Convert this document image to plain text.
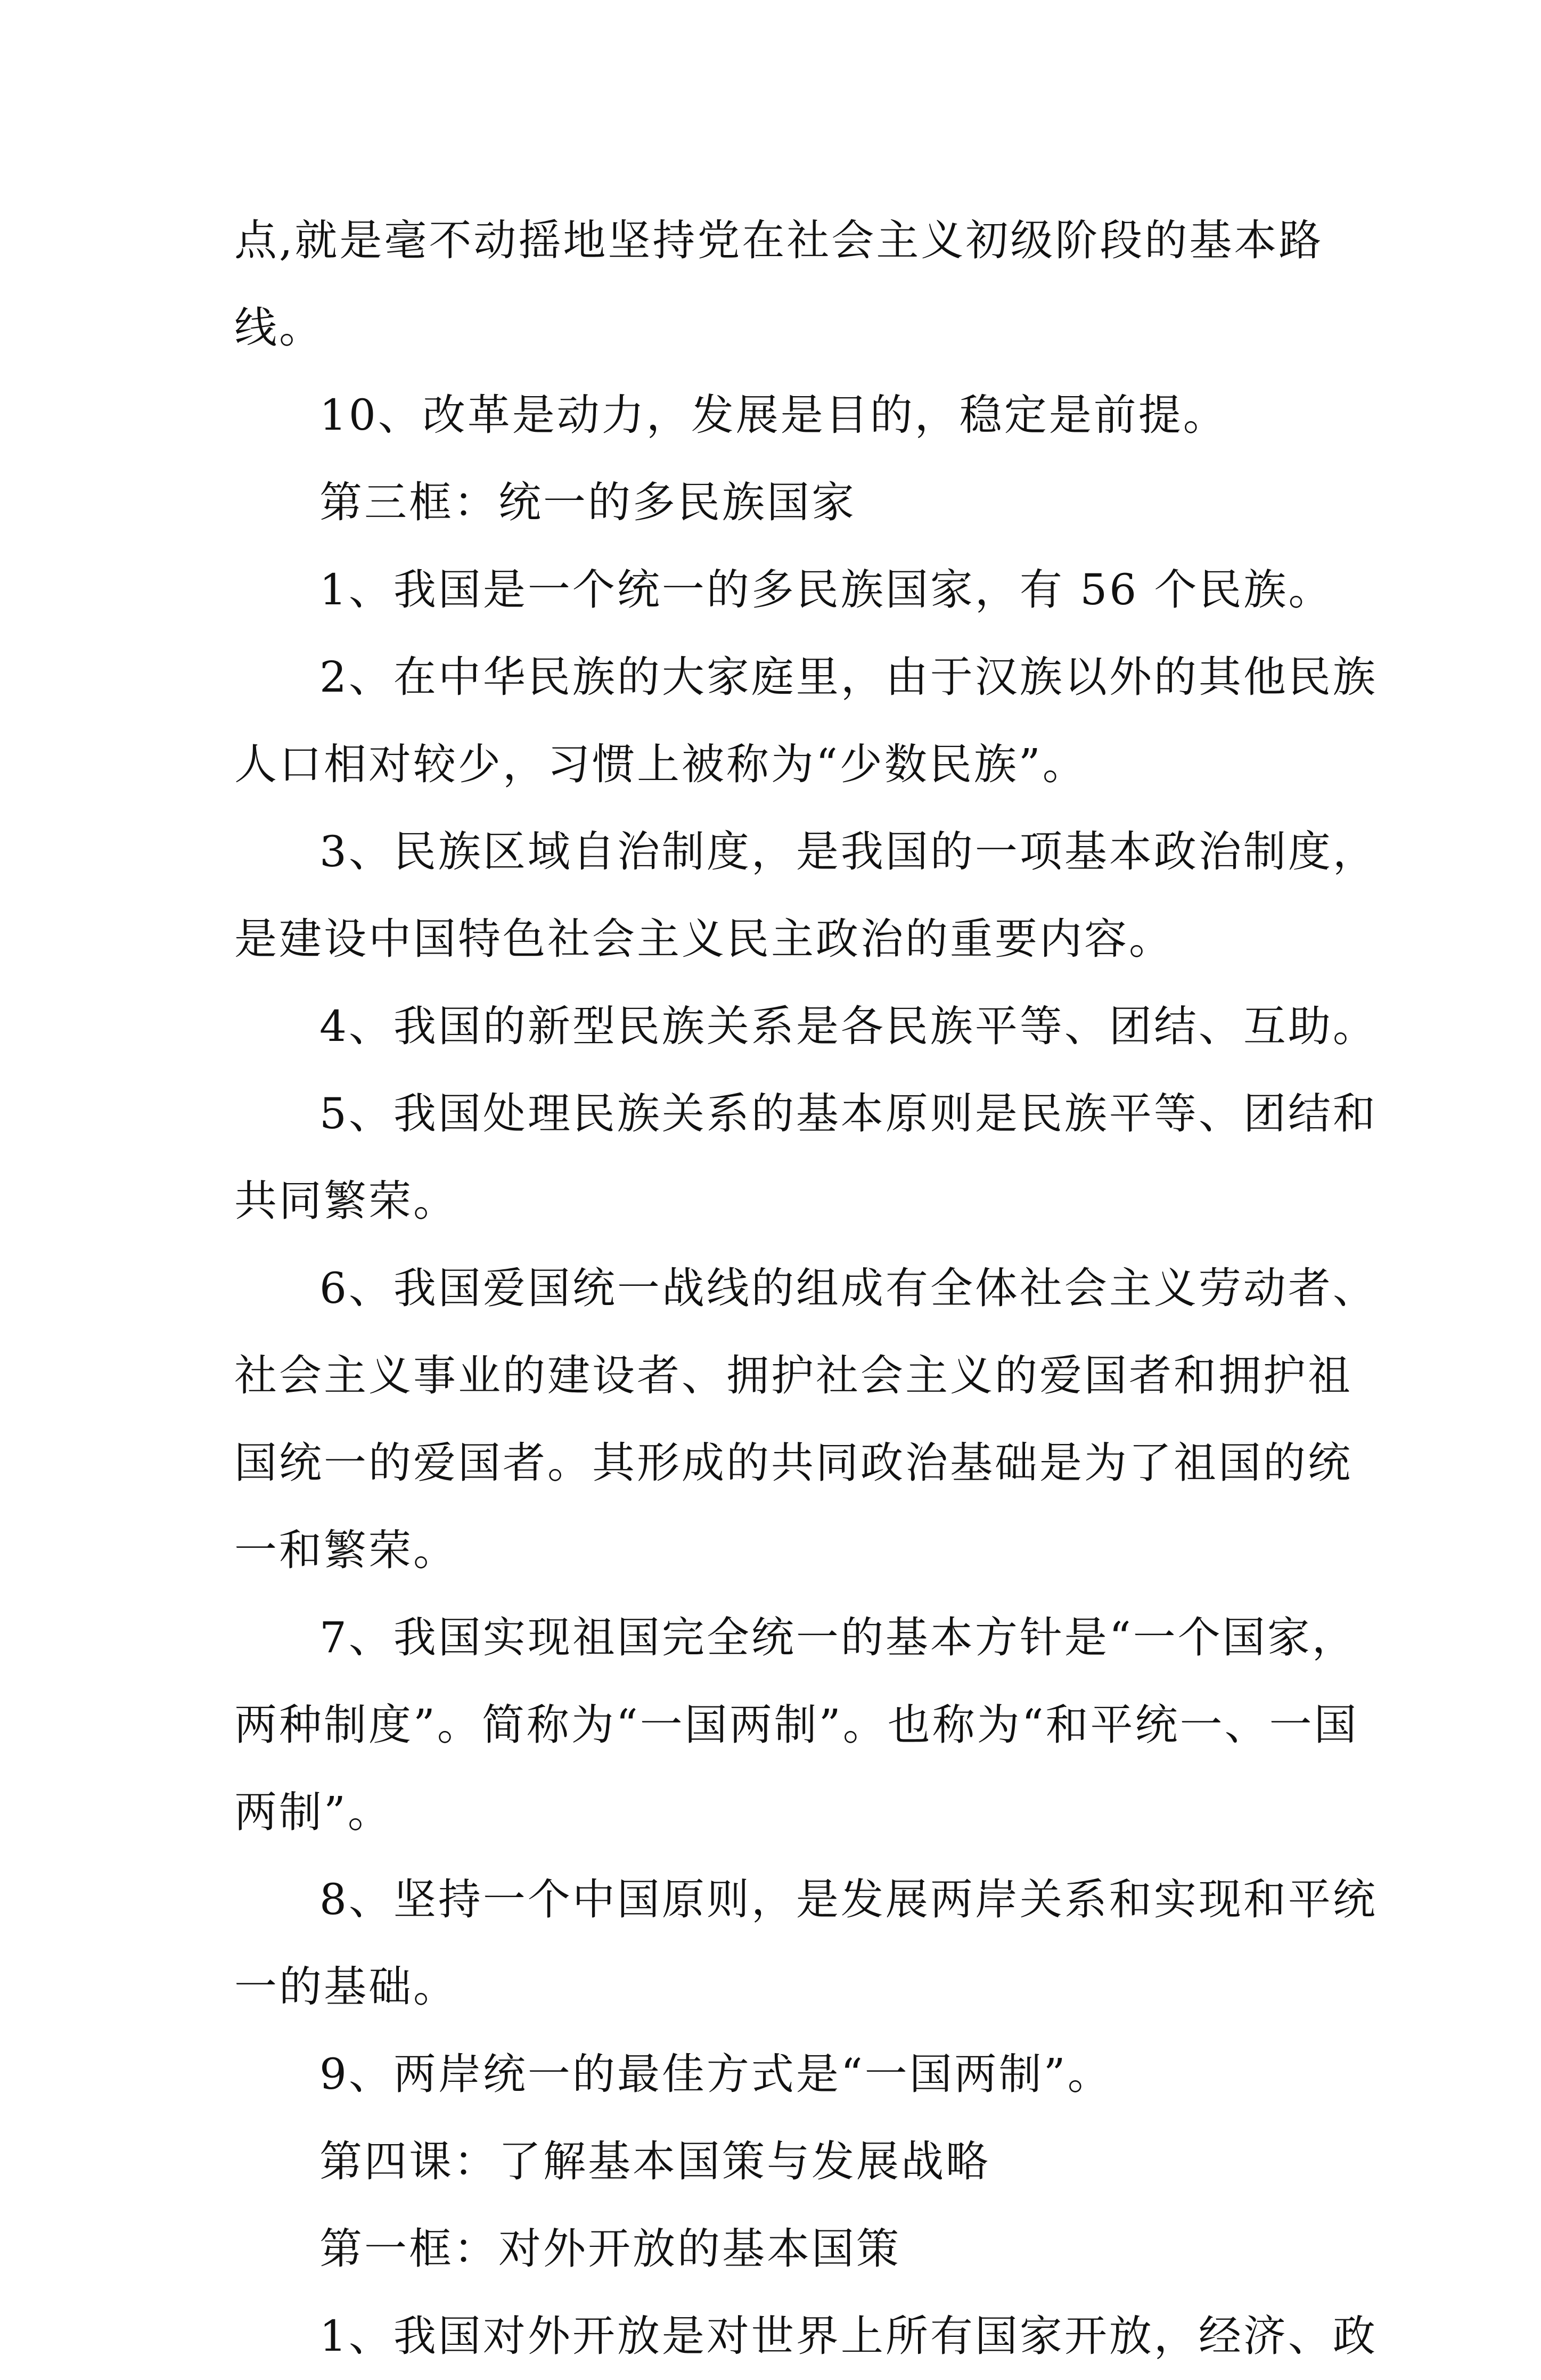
点,就是毫不动摇地坚持党在社会主义初级阶段的基本路线。

10、改革是动力，发展是目的，稳定是前提。

第三框：统一的多民族国家

1、我国是一个统一的多民族国家，有 56 个民族。

2、在中华民族的大家庭里，由于汉族以外的其他民族人口相对较少，习惯上被称为“少数民族”。

3、民族区域自治制度，是我国的一项基本政治制度，是建设中国特色社会主义民主政治的重要内容。

4、我国的新型民族关系是各民族平等、团结、互助。

5、我国处理民族关系的基本原则是民族平等、团结和共同繁荣。

6、我国爱国统一战线的组成有全体社会主义劳动者、社会主义事业的建设者、拥护社会主义的爱国者和拥护祖国统一的爱国者。其形成的共同政治基础是为了祖国的统一和繁荣。

7、我国实现祖国完全统一的基本方针是“一个国家，两种制度”。简称为“一国两制”。也称为“和平统一、一国两制”。

8、坚持一个中国原则，是发展两岸关系和实现和平统一的基础。

9、两岸统一的最佳方式是“一国两制”。

第四课：了解基本国策与发展战略

第一框：对外开放的基本国策

1、我国对外开放是对世界上所有国家开放，经济、政
